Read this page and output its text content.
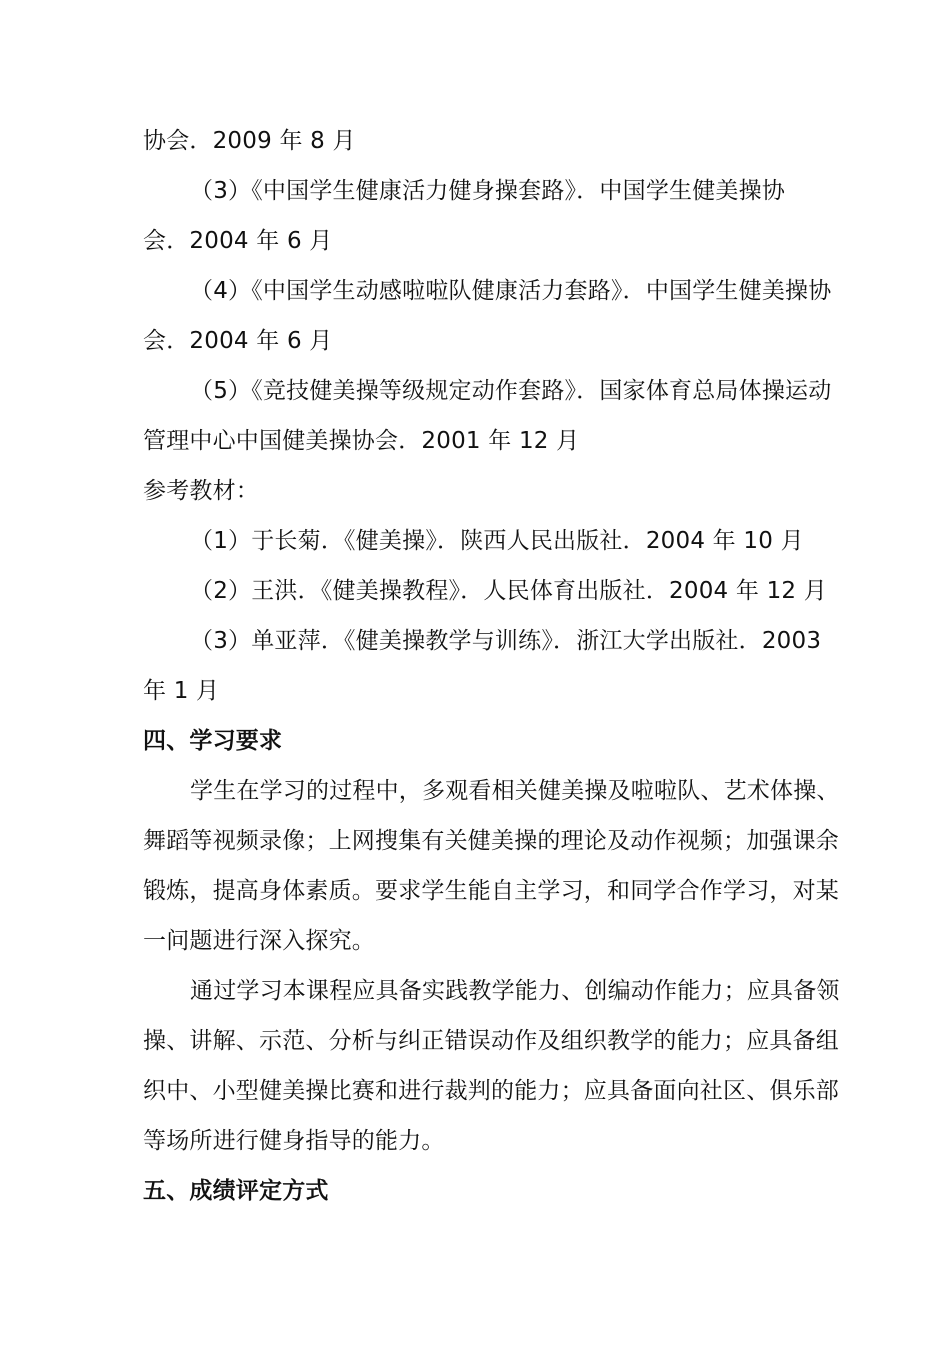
协会．2009 年 8 月
（3）《中国学生健康活力健身操套路》．中国学生健美操协
会．2004 年 6 月
（4）《中国学生动感啦啦队健康活力套路》．中国学生健美操协
会．2004 年 6 月
（5）《竞技健美操等级规定动作套路》．国家体育总局体操运动
管理中心中国健美操协会．2001 年 12 月
参考教材：
（1）于长菊．《健美操》．陕西人民出版社．2004 年 10 月
（2）王洪．《健美操教程》．人民体育出版社．2004 年 12 月
（3）单亚萍．《健美操教学与训练》．浙江大学出版社．2003
年 1 月
四、学习要求
学生在学习的过程中，多观看相关健美操及啦啦队、艺术体操、
舞蹈等视频录像；上网搜集有关健美操的理论及动作视频；加强课余
锻炼，提高身体素质。要求学生能自主学习，和同学合作学习，对某
一问题进行深入探究。
通过学习本课程应具备实践教学能力、创编动作能力；应具备领
操、讲解、示范、分析与纠正错误动作及组织教学的能力；应具备组
织中、小型健美操比赛和进行裁判的能力；应具备面向社区、俱乐部
等场所进行健身指导的能力。
五、成绩评定方式
